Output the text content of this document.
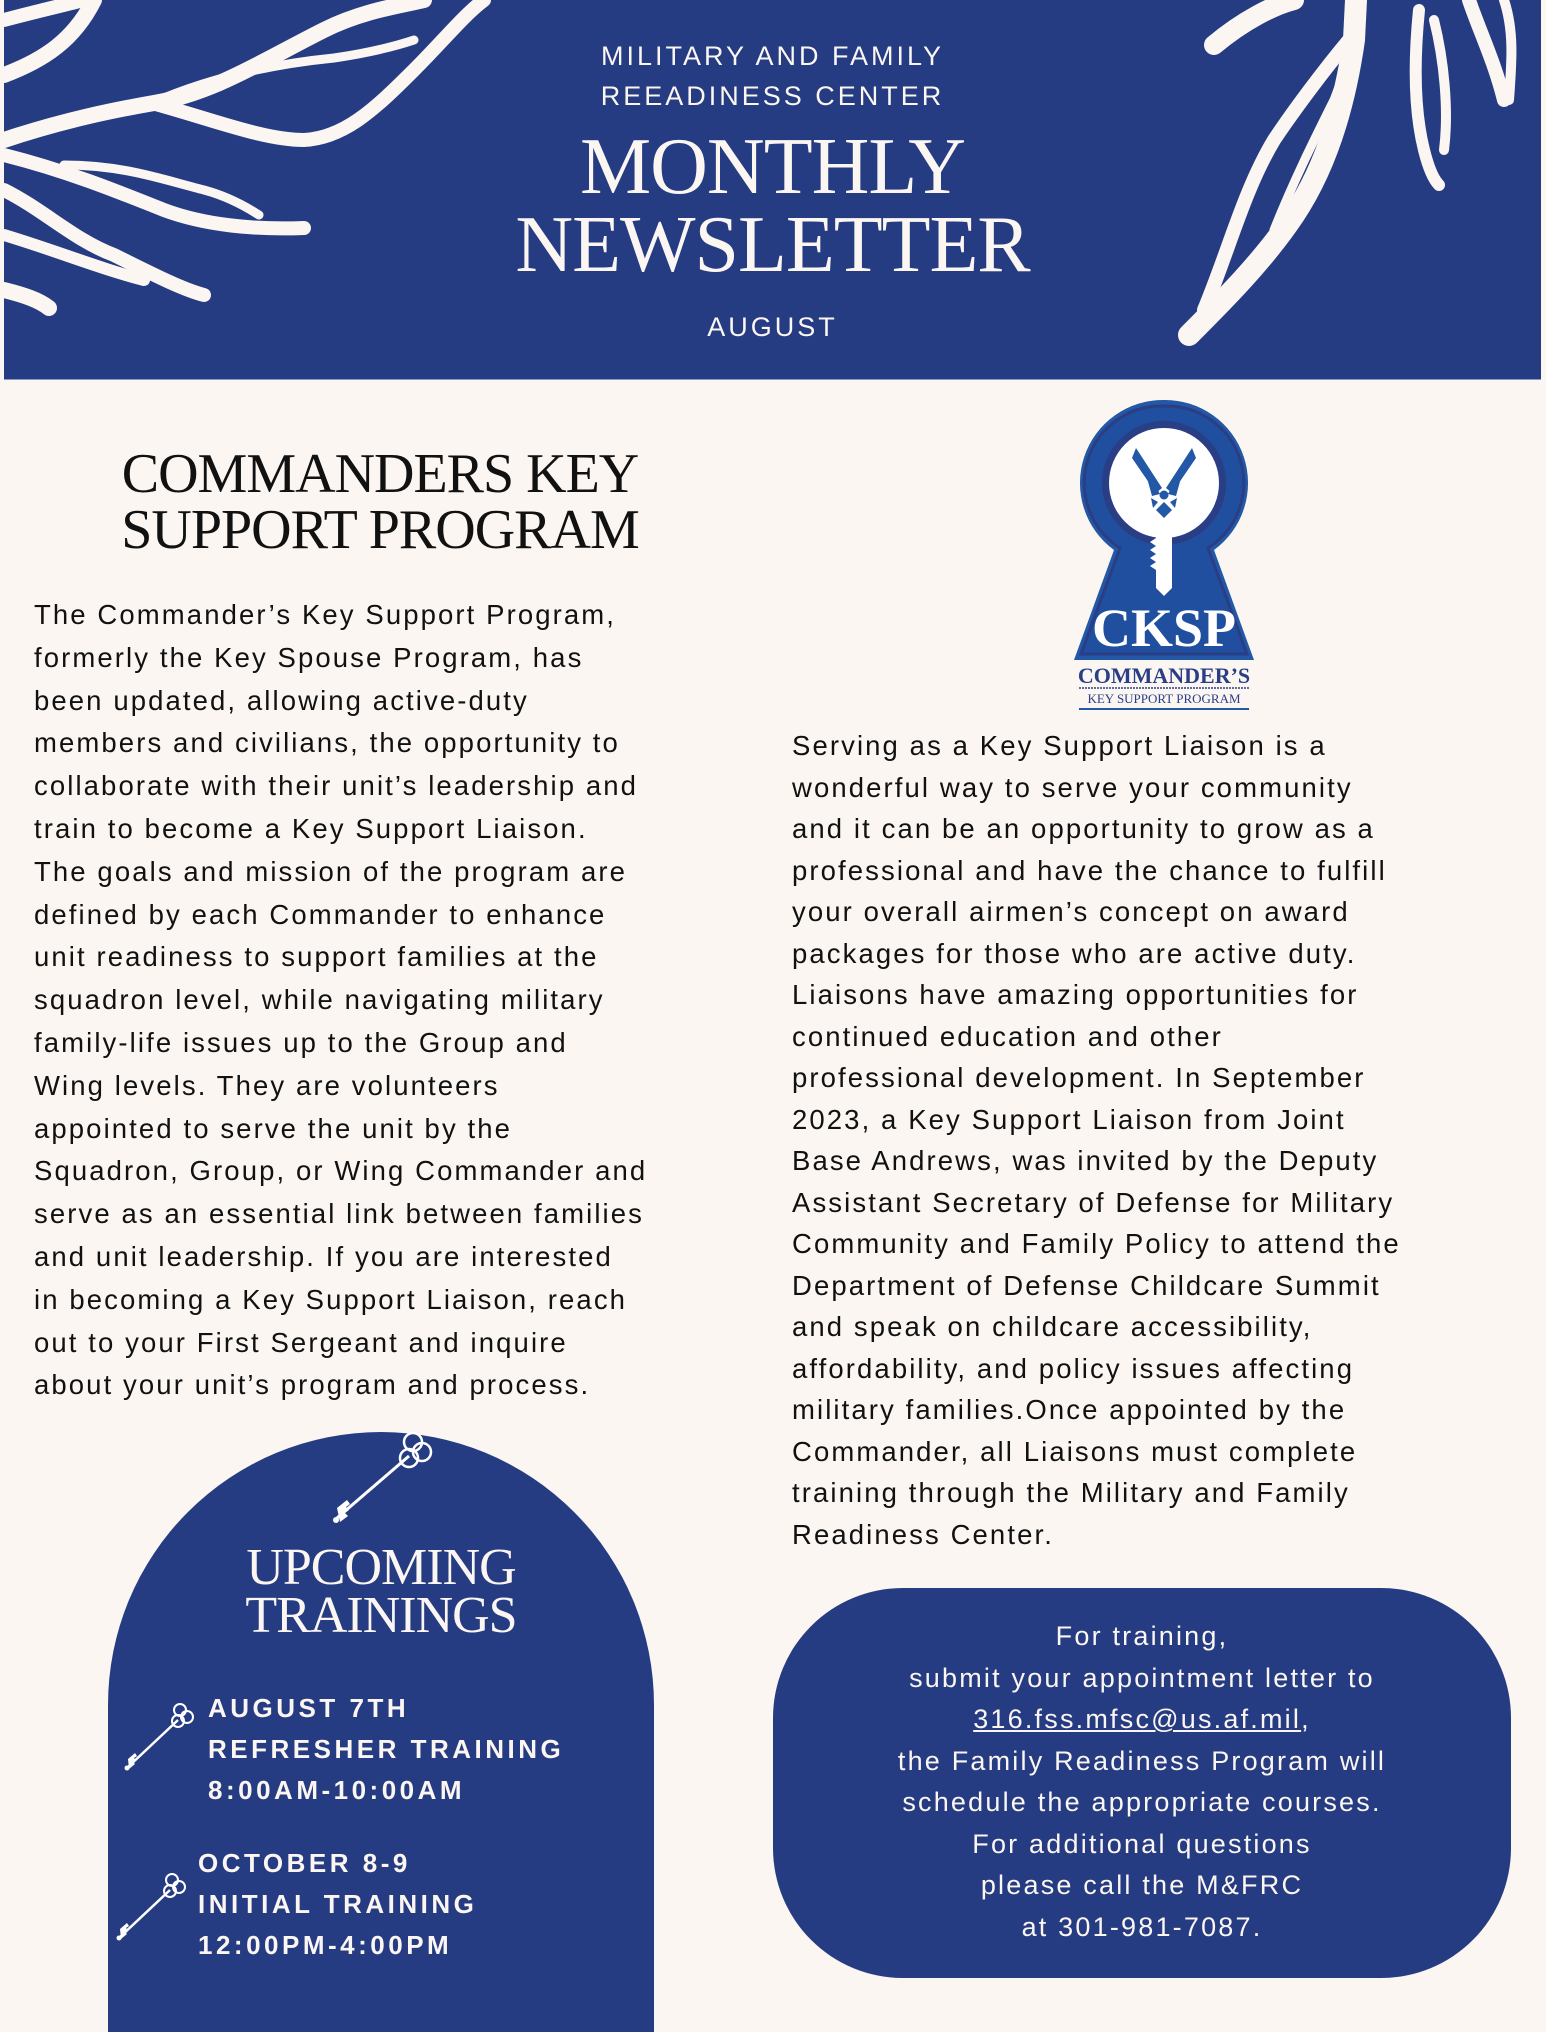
MILITARY AND FAMILY
REEADINESS CENTER
MONTHLY
NEWSLETTER
AUGUST
COMMANDERS KEY
SUPPORT PROGRAM
The Commander’s Key Support Program,
formerly the Key Spouse Program, has
been updated, allowing active-duty
members and civilians, the opportunity to
collaborate with their unit’s leadership and
train to become a Key Support Liaison.
The goals and mission of the program are
defined by each Commander to enhance
unit readiness to support families at the
squadron level, while navigating military
family-life issues up to the Group and
Wing levels. They are volunteers
appointed to serve the unit by the
Squadron, Group, or Wing Commander and
serve as an essential link between families
and unit leadership. If you are interested
in becoming a Key Support Liaison, reach
out to your First Sergeant and inquire
about your unit’s program and process.
CKSP
COMMANDER’S
KEY SUPPORT PROGRAM
Serving as a Key Support Liaison is a
wonderful way to serve your community
and it can be an opportunity to grow as a
professional and have the chance to fulfill
your overall airmen’s concept on award
packages for those who are active duty.
Liaisons have amazing opportunities for
continued education and other
professional development. In September
2023, a Key Support Liaison from Joint
Base Andrews, was invited by the Deputy
Assistant Secretary of Defense for Military
Community and Family Policy to attend the
Department of Defense Childcare Summit
and speak on childcare accessibility,
affordability, and policy issues affecting
military families.Once appointed by the
Commander, all Liaisons must complete
training through the Military and Family
Readiness Center.
UPCOMING
TRAININGS
AUGUST 7TH
REFRESHER TRAINING
8:00AM-10:00AM
OCTOBER 8-9
INITIAL TRAINING
12:00PM-4:00PM
For training,
submit your appointment letter to
316.fss.mfsc@us.af.mil,
the Family Readiness Program will
schedule the appropriate courses.
For additional questions
please call the M&FRC
at 301-981-7087.
